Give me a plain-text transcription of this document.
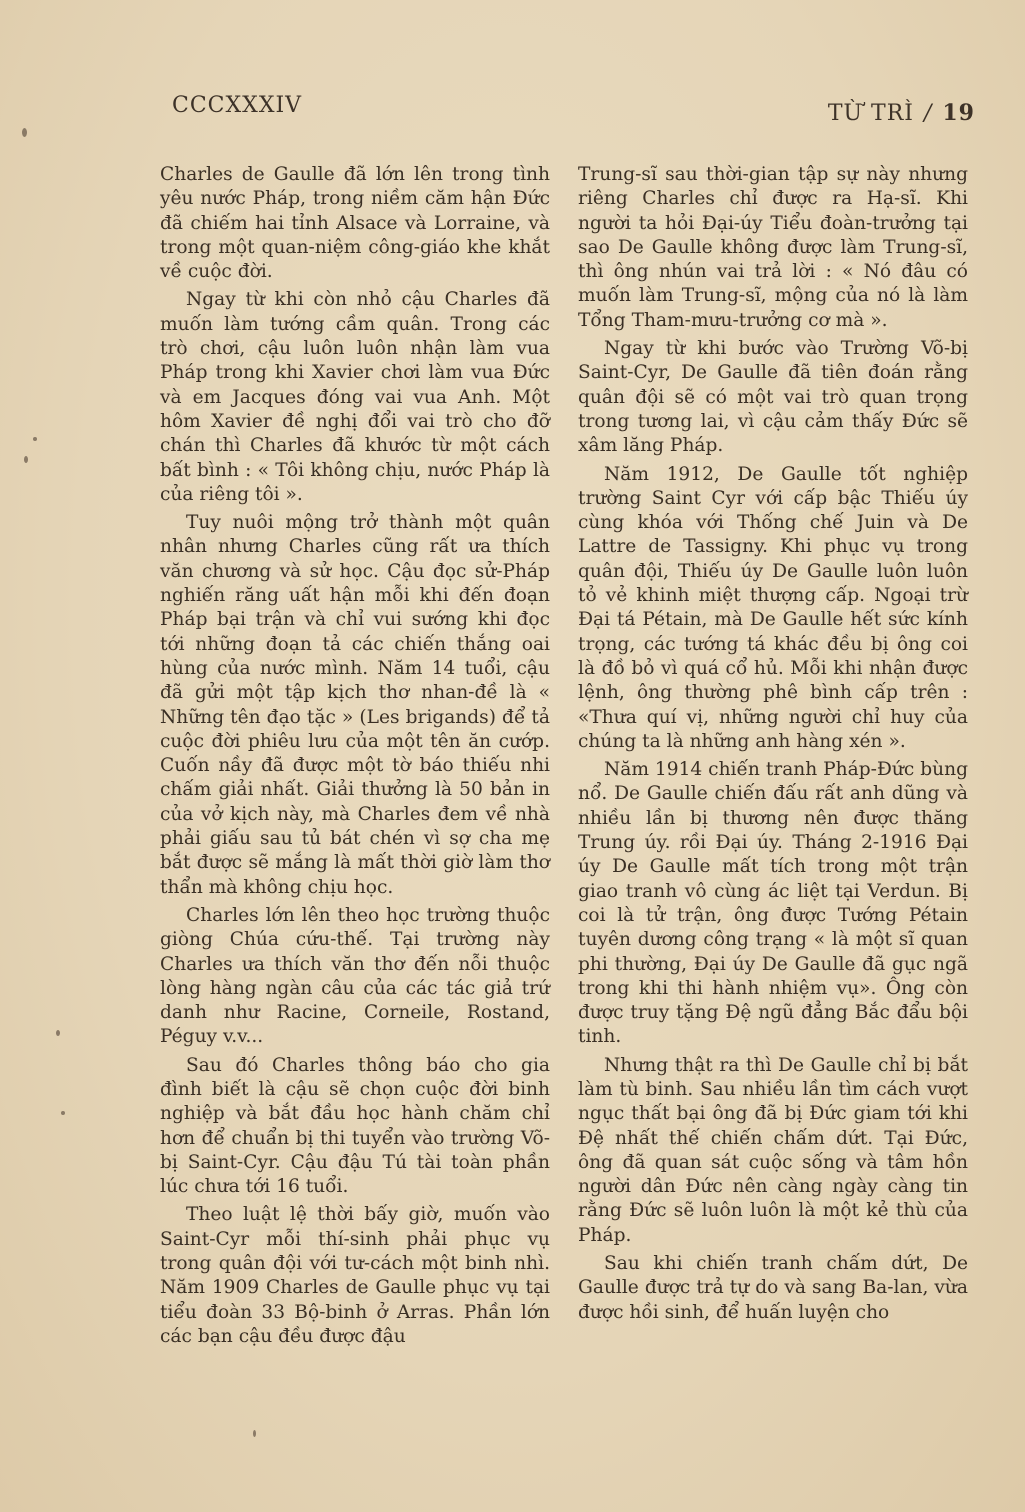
CCCXXXIV	TỪ TRÌ / 19

Charles de Gaulle đã lớn lên trong tình yêu nước Pháp, trong niềm căm hận Đức đã chiếm hai tỉnh Alsace và Lorraine, và trong một quan-niệm công-giáo khe khắt về cuộc đời.

Ngay từ khi còn nhỏ cậu Charles đã muốn làm tướng cầm quân. Trong các trò chơi, cậu luôn luôn nhận làm vua Pháp trong khi Xavier chơi làm vua Đức và em Jacques đóng vai vua Anh. Một hôm Xavier đề nghị đổi vai trò cho đỡ chán thì Charles đã khước từ một cách bất bình : « Tôi không chịu, nước Pháp là của riêng tôi ».

Tuy nuôi mộng trở thành một quân nhân nhưng Charles cũng rất ưa thích văn chương và sử học. Cậu đọc sử-Pháp nghiến răng uất hận mỗi khi đến đoạn Pháp bại trận và chỉ vui sướng khi đọc tới những đoạn tả các chiến thắng oai hùng của nước mình. Năm 14 tuổi, cậu đã gửi một tập kịch thơ nhan-đề là « Những tên đạo tặc » (Les brigands) để tả cuộc đời phiêu lưu của một tên ăn cướp. Cuốn nầy đã được một tờ báo thiếu nhi chấm giải nhất. Giải thưởng là 50 bản in của vở kịch này, mà Charles đem về nhà phải giấu sau tủ bát chén vì sợ cha mẹ bắt được sẽ mắng là mất thời giờ làm thơ thẩn mà không chịu học.

Charles lớn lên theo học trường thuộc giòng Chúa cứu-thế. Tại trường này Charles ưa thích văn thơ đến nỗi thuộc lòng hàng ngàn câu của các tác giả trứ danh như Racine, Corneile, Rostand, Péguy v.v...

Sau đó Charles thông báo cho gia đình biết là cậu sẽ chọn cuộc đời binh nghiệp và bắt đầu học hành chăm chỉ hơn để chuẩn bị thi tuyển vào trường Võ-bị Saint-Cyr. Cậu đậu Tú tài toàn phần lúc chưa tới 16 tuổi.

Theo luật lệ thời bấy giờ, muốn vào Saint-Cyr mỗi thí-sinh phải phục vụ trong quân đội với tư-cách một binh nhì. Năm 1909 Charles de Gaulle phục vụ tại tiểu đoàn 33 Bộ-binh ở Arras. Phần lớn các bạn cậu đều được đậu

Trung-sĩ sau thời-gian tập sự này nhưng riêng Charles chỉ được ra Hạ-sĩ. Khi người ta hỏi Đại-úy Tiểu đoàn-trưởng tại sao De Gaulle không được làm Trung-sĩ, thì ông nhún vai trả lời : « Nó đâu có muốn làm Trung-sĩ, mộng của nó là làm Tổng Tham-mưu-trưởng cơ mà ».

Ngay từ khi bước vào Trường Võ-bị Saint-Cyr, De Gaulle đã tiên đoán rằng quân đội sẽ có một vai trò quan trọng trong tương lai, vì cậu cảm thấy Đức sẽ xâm lăng Pháp.

Năm 1912, De Gaulle tốt nghiệp trường Saint Cyr với cấp bậc Thiếu úy cùng khóa với Thống chế Juin và De Lattre de Tassigny. Khi phục vụ trong quân đội, Thiếu úy De Gaulle luôn luôn tỏ vẻ khinh miệt thượng cấp. Ngoại trừ Đại tá Pétain, mà De Gaulle hết sức kính trọng, các tướng tá khác đều bị ông coi là đồ bỏ vì quá cổ hủ. Mỗi khi nhận được lệnh, ông thường phê bình cấp trên : «Thưa quí vị, những người chỉ huy của chúng ta là những anh hàng xén ».

Năm 1914 chiến tranh Pháp-Đức bùng nổ. De Gaulle chiến đấu rất anh dũng và nhiều lần bị thương nên được thăng Trung úy. rồi Đại úy. Tháng 2-1916 Đại úy De Gaulle mất tích trong một trận giao tranh vô cùng ác liệt tại Verdun. Bị coi là tử trận, ông được Tướng Pétain tuyên dương công trạng « là một sĩ quan phi thường, Đại úy De Gaulle đã gục ngã trong khi thi hành nhiệm vụ». Ông còn được truy tặng Đệ ngũ đẳng Bắc đẩu bội tinh.

Nhưng thật ra thì De Gaulle chỉ bị bắt làm tù binh. Sau nhiều lần tìm cách vượt ngục thất bại ông đã bị Đức giam tới khi Đệ nhất thế chiến chấm dứt. Tại Đức, ông đã quan sát cuộc sống và tâm hồn người dân Đức nên càng ngày càng tin rằng Đức sẽ luôn luôn là một kẻ thù của Pháp.

Sau khi chiến tranh chấm dứt, De Gaulle được trả tự do và sang Ba-lan, vừa được hồi sinh, để huấn luyện cho
